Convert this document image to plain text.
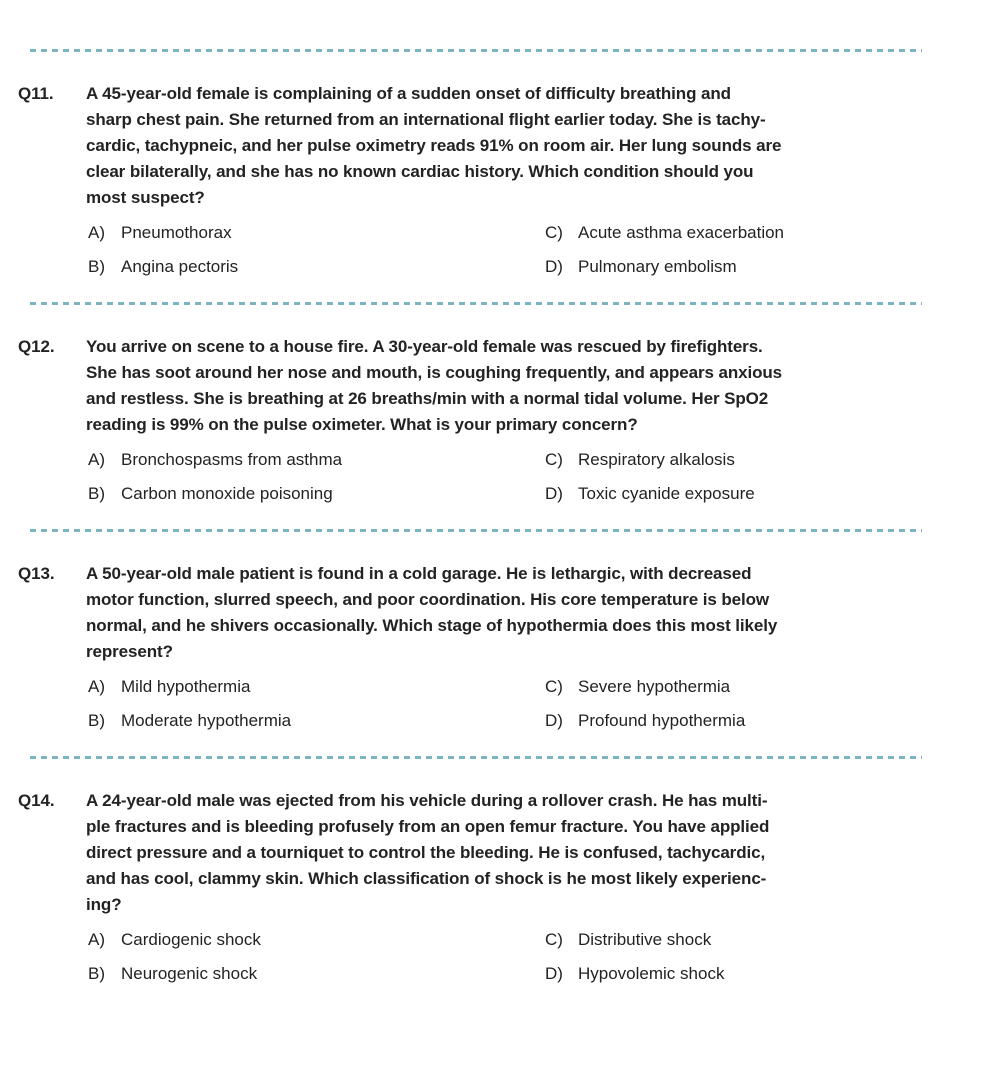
Q11.	A 45-year-old female is complaining of a sudden onset of difficulty breathing and
sharp chest pain. She returned from an international flight earlier today. She is tachy-
cardic, tachypneic, and her pulse oximetry reads 91% on room air. Her lung sounds are
clear bilaterally, and she has no known cardiac history. Which condition should you
most suspect?
A) Pneumothorax
B) Angina pectoris
C) Acute asthma exacerbation
D) Pulmonary embolism
Q12.	You arrive on scene to a house fire. A 30-year-old female was rescued by firefighters.
She has soot around her nose and mouth, is coughing frequently, and appears anxious
and restless. She is breathing at 26 breaths/min with a normal tidal volume. Her SpO2
reading is 99% on the pulse oximeter. What is your primary concern?
A) Bronchospasms from asthma
B) Carbon monoxide poisoning
C) Respiratory alkalosis
D) Toxic cyanide exposure
Q13.	A 50-year-old male patient is found in a cold garage. He is lethargic, with decreased
motor function, slurred speech, and poor coordination. His core temperature is below
normal, and he shivers occasionally. Which stage of hypothermia does this most likely
represent?
A) Mild hypothermia
B) Moderate hypothermia
C) Severe hypothermia
D) Profound hypothermia
Q14.	A 24-year-old male was ejected from his vehicle during a rollover crash. He has multi-
ple fractures and is bleeding profusely from an open femur fracture. You have applied
direct pressure and a tourniquet to control the bleeding. He is confused, tachycardic,
and has cool, clammy skin. Which classification of shock is he most likely experienc-
ing?
A) Cardiogenic shock
B) Neurogenic shock
C) Distributive shock
D) Hypovolemic shock
